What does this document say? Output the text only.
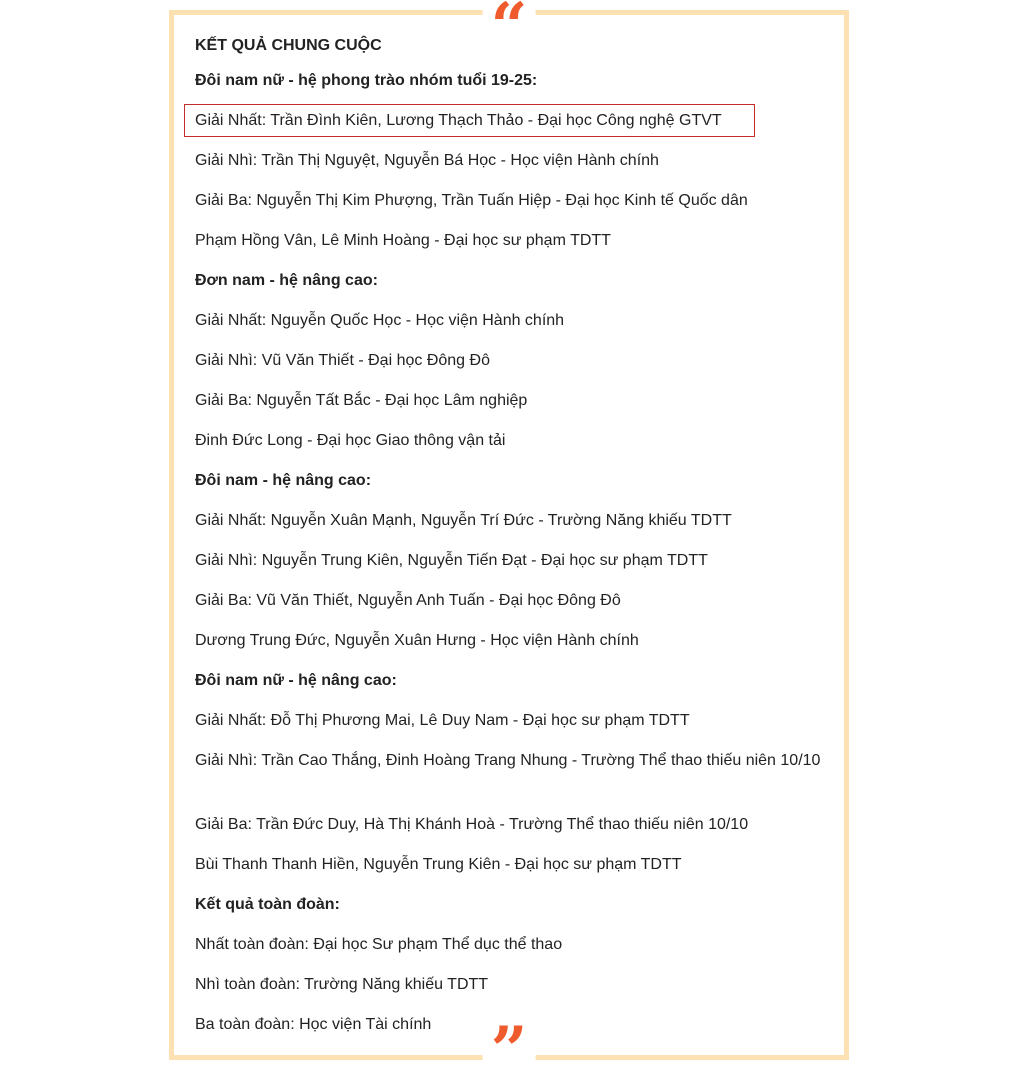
“
KẾT QUẢ CHUNG CUỘC
Đôi nam nữ - hệ phong trào nhóm tuổi 19-25:
Giải Nhất: Trần Đình Kiên, Lương Thạch Thảo - Đại học Công nghệ GTVT
Giải Nhì: Trần Thị Nguyệt, Nguyễn Bá Học - Học viện Hành chính
Giải Ba: Nguyễn Thị Kim Phượng, Trần Tuấn Hiệp - Đại học Kinh tế Quốc dân
Phạm Hồng Vân, Lê Minh Hoàng - Đại học sư phạm TDTT
Đơn nam - hệ nâng cao:
Giải Nhất: Nguyễn Quốc Học - Học viện Hành chính
Giải Nhì: Vũ Văn Thiết - Đại học Đông Đô
Giải Ba: Nguyễn Tất Bắc - Đại học Lâm nghiệp
Đinh Đức Long - Đại học Giao thông vận tải
Đôi nam - hệ nâng cao:
Giải Nhất: Nguyễn Xuân Mạnh, Nguyễn Trí Đức - Trường Năng khiếu TDTT
Giải Nhì: Nguyễn Trung Kiên, Nguyễn Tiến Đạt - Đại học sư phạm TDTT
Giải Ba: Vũ Văn Thiết, Nguyễn Anh Tuấn - Đại học Đông Đô
Dương Trung Đức, Nguyễn Xuân Hưng - Học viện Hành chính
Đôi nam nữ - hệ nâng cao:
Giải Nhất: Đỗ Thị Phương Mai, Lê Duy Nam - Đại học sư phạm TDTT
Giải Nhì: Trần Cao Thắng, Đinh Hoàng Trang Nhung - Trường Thể thao thiếu niên 10/10
Giải Ba: Trần Đức Duy, Hà Thị Khánh Hoà - Trường Thể thao thiếu niên 10/10
Bùi Thanh Thanh Hiền, Nguyễn Trung Kiên - Đại học sư phạm TDTT
Kết quả toàn đoàn:
Nhất toàn đoàn: Đại học Sư phạm Thể dục thể thao
Nhì toàn đoàn: Trường Năng khiếu TDTT
Ba toàn đoàn: Học viện Tài chính ”
